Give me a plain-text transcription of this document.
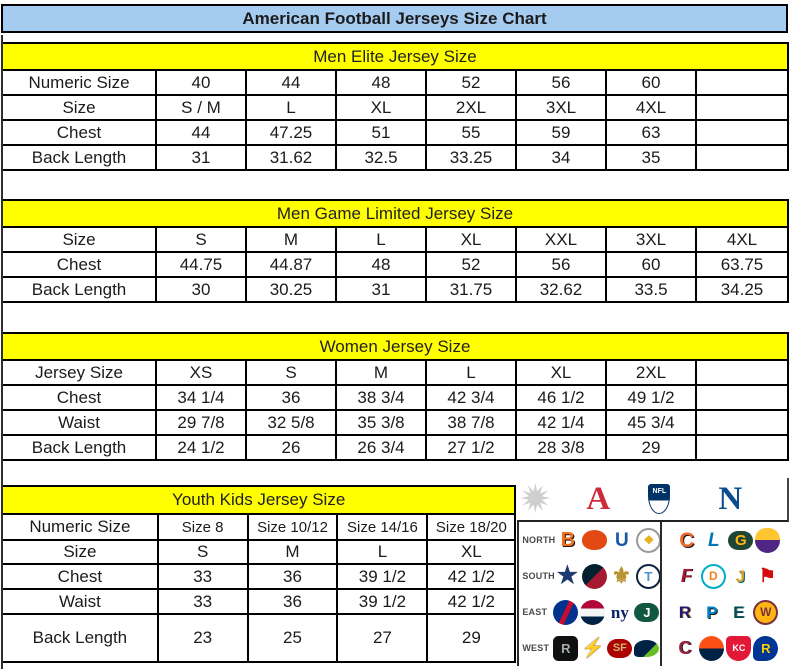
American Football Jerseys Size Chart
Men Elite Jersey Size							
Numeric Size	40	44	48	52	56	60	
Size	S / M	L	XL	2XL	3XL	4XL	
Chest	44	47.25	51	55	59	63	
Back Length	31	31.62	32.5	33.25	34	35	
Men Game Limited Jersey Size							
Size	S	M	L	XL	XXL	3XL	4XL
Chest	44.75	44.87	48	52	56	60	63.75
Back Length	30	30.25	31	31.75	32.62	33.5	34.25
Women Jersey Size							
Jersey Size	XS	S	M	L	XL	2XL	
Chest	34 1/4	36	38 3/4	42 3/4	46 1/2	49 1/2	
Waist	29 7/8	32 5/8	35 3/8	38 7/8	42 1/4	45 3/4	
Back Length	24 1/2	26	26 3/4	27 1/2	28 3/8	29	
Youth Kids Jersey Size				
Numeric Size	Size 8	Size 10/12	Size 14/16	Size 18/20
Size	S	M	L	XL
Chest	33	36	39 1/2	42 1/2
Waist	33	36	39 1/2	42 1/2
Back Length	23	25	27	29
A	NFL N
NORTH B U	❖	C L	G
SOUTH ★ ⚜	T	F	D	J ⚑
EAST	ny	J	R P E	W
WEST R ⚡ SF	C	KC	R
